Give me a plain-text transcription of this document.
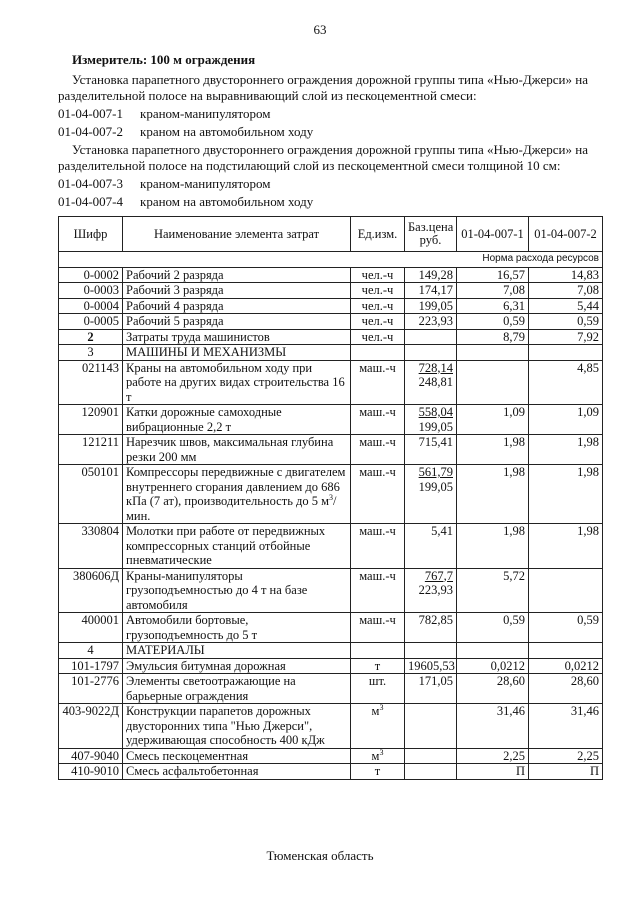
63
Измеритель: 100 м ограждения
Установка парапетного двустороннего ограждения дорожной группы типа «Нью-Джерси» на разделительной полосе на выравнивающий слой из пескоцементной смеси:
01-04-007-1 краном-манипулятором
01-04-007-2 краном на автомобильном ходу
Установка парапетного двустороннего ограждения дорожной группы типа «Нью-Джерси» на разделительной полосе на подстилающий слой из пескоцементной смеси толщиной 10 см:
01-04-007-3 краном-манипулятором
01-04-007-4 краном на автомобильном ходу
Шифр	Наименование элемента затрат	Ед.изм.	Баз.цена руб.	01-04-007-1	01-04-007-2
Норма расхода ресурсов					
0-0002	Рабочий 2 разряда	чел.-ч	149,28	16,57	14,83
0-0003	Рабочий 3 разряда	чел.-ч	174,17	7,08	7,08
0-0004	Рабочий 4 разряда	чел.-ч	199,05	6,31	5,44
0-0005	Рабочий 5 разряда	чел.-ч	223,93	0,59	0,59
2	Затраты труда машинистов	чел.-ч		8,79	7,92
3	МАШИНЫ И МЕХАНИЗМЫ				
021143	Краны на автомобильном ходу при работе на других видах строительства 16 т	маш.-ч	728,14
248,81		4,85
120901	Катки дорожные самоходные вибрационные 2,2 т	маш.-ч	558,04
199,05	1,09	1,09
121211	Нарезчик швов, максимальная глубина резки 200 мм	маш.-ч	715,41	1,98	1,98
050101	Компрессоры передвижные с двигателем внутреннего сгорания давлением до 686 кПа (7 ат), производительность до 5 $м^3$/мин.	маш.-ч	561,79
199,05	1,98	1,98
330804	Молотки при работе от передвижных компрессорных станций отбойные пневматические	маш.-ч	5,41	1,98	1,98
380606Д	Краны-манипуляторы грузоподъемностью до 4 т на базе автомобиля	маш.-ч	767,7
223,93	5,72	
400001	Автомобили бортовые, грузоподъемность до 5 т	маш.-ч	782,85	0,59	0,59
4	МАТЕРИАЛЫ				
101-1797	Эмульсия битумная дорожная	т	19605,53	0,0212	0,0212
101-2776	Элементы светоотражающие на барьерные ограждения	шт.	171,05	28,60	28,60
403-9022Д	Конструкции парапетов дорожных двусторонних типа "Нью Джерси", удерживающая способность 400 кДж	$м^3$		31,46	31,46
407-9040	Смесь пескоцементная	$м^3$		2,25	2,25
410-9010	Смесь асфальтобетонная	т		П	П
Тюменская область
